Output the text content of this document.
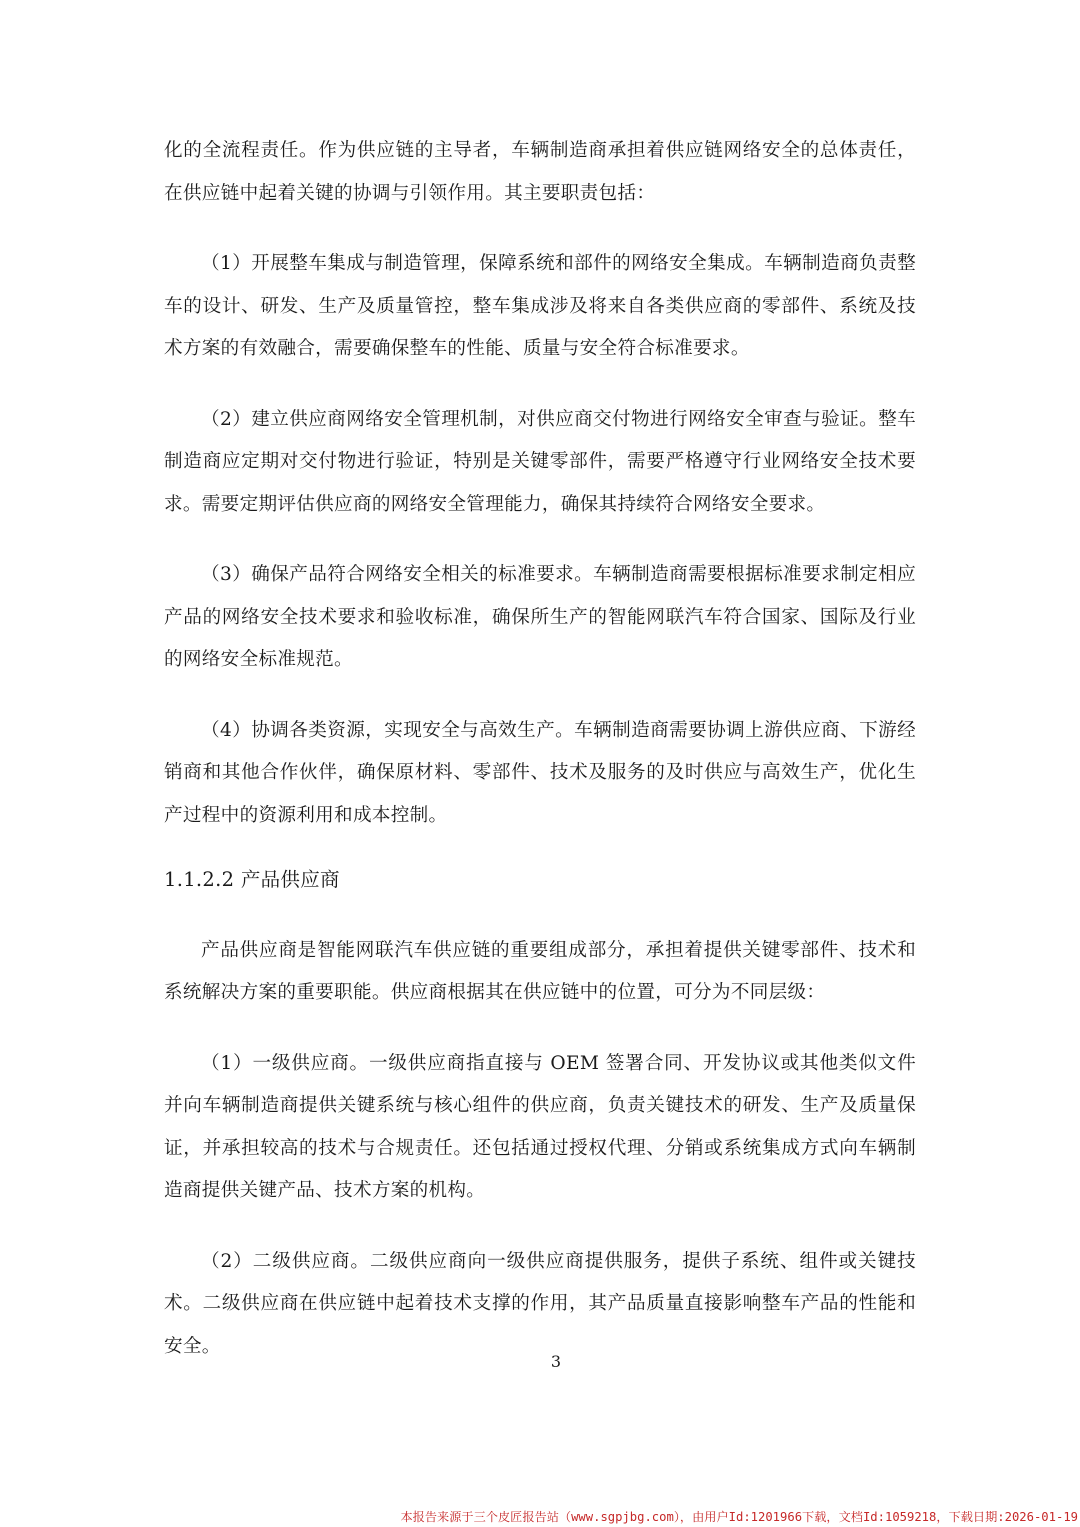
化的全流程责任。作为供应链的主导者，车辆制造商承担着供应链网络安全的总体责任，在供应链中起着关键的协调与引领作用。其主要职责包括：

（1）开展整车集成与制造管理，保障系统和部件的网络安全集成。车辆制造商负责整车的设计、研发、生产及质量管控，整车集成涉及将来自各类供应商的零部件、系统及技术方案的有效融合，需要确保整车的性能、质量与安全符合标准要求。

（2）建立供应商网络安全管理机制，对供应商交付物进行网络安全审查与验证。整车制造商应定期对交付物进行验证，特别是关键零部件，需要严格遵守行业网络安全技术要求。需要定期评估供应商的网络安全管理能力，确保其持续符合网络安全要求。

（3）确保产品符合网络安全相关的标准要求。车辆制造商需要根据标准要求制定相应产品的网络安全技术要求和验收标准，确保所生产的智能网联汽车符合国家、国际及行业的网络安全标准规范。

（4）协调各类资源，实现安全与高效生产。车辆制造商需要协调上游供应商、下游经销商和其他合作伙伴，确保原材料、零部件、技术及服务的及时供应与高效生产，优化生产过程中的资源利用和成本控制。

1.1.2.2 产品供应商

产品供应商是智能网联汽车供应链的重要组成部分，承担着提供关键零部件、技术和系统解决方案的重要职能。供应商根据其在供应链中的位置，可分为不同层级：

（1）一级供应商。一级供应商指直接与 OEM 签署合同、开发协议或其他类似文件并向车辆制造商提供关键系统与核心组件的供应商，负责关键技术的研发、生产及质量保证，并承担较高的技术与合规责任。还包括通过授权代理、分销或系统集成方式向车辆制造商提供关键产品、技术方案的机构。

（2）二级供应商。二级供应商向一级供应商提供服务，提供子系统、组件或关键技术。二级供应商在供应链中起着技术支撑的作用，其产品质量直接影响整车产品的性能和安全。

3
本报告来源于三个皮匠报告站（www.sgpjbg.com），由用户Id:1201966下载，文档Id:1059218，下载日期:2026-01-19
